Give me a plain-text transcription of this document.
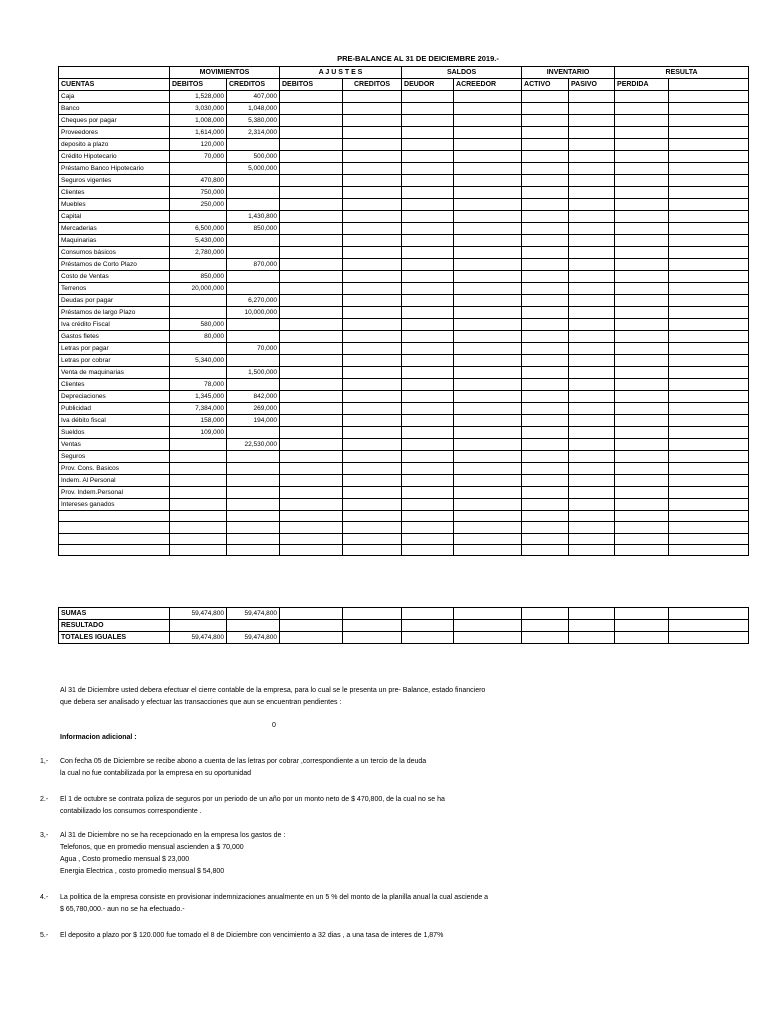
PRE-BALANCE AL 31 DE DEICIEMBRE 2019.-
	MOVIMIENTOS		A J U S T E S		SALDOS		INVENTARIO		RESULTA	
CUENTAS	DEBITOS	CREDITOS	DEBITOS	CREDITOS	DEUDOR	ACREEDOR	ACTIVO	PASIVO	PERDIDA	
Caja	1,528,000	407,000								
Banco	3,030,000	1,048,000								
Cheques por pagar	1,008,000	5,380,000								
Proveedores	1,614,000	2,314,000								
deposito a plazo	120,000									
Crédito Hipotecario	70,000	500,000								
Préstamo Banco Hipotecario		5,000,000								
Seguros vigentes	470,800									
Clientes	750,000									
Muebles	250,000									
Capital		1,430,800								
Mercaderias	6,500,000	850,000								
Maquinarias	5,430,000									
Consumos básicos	2,780,000									
Préstamos de Corto Plazo		870,000								
Costo de Ventas	850,000									
Terrenos	20,000,000									
Deudas por pagar		6,270,000								
Préstamos de largo Plazo		10,000,000								
Iva crédito Fiscal	580,000									
Gastos fletes	80,000									
Letras por pagar		70,000								
Letras por cobrar	5,340,000									
Venta de maquinarias		1,500,000								
Clientes	78,000									
Depreciaciones	1,345,000	842,000								
Publicidad	7,384,000	269,000								
Iva débito fiscal	158,000	194,000								
Sueldos	109,000									
Ventas		22,530,000								
Seguros										
Prov. Cons. Basicos										
Indem. Al Personal										
Prov. Indem.Personal										
Intereses ganados										

SUMAS	59,474,800	59,474,800								
RESULTADO										
TOTALES IGUALES	59,474,800	59,474,800								
Al 31 de Diciembre usted debera efectuar el cierre contable de la empresa, para lo cual se le presenta un pre- Balance, estado financiero
que debera ser analisado y efectuar las transacciones que aun se encuentran pendientes :
0
Informacion adicional :
1,- Con fecha 05 de Diciembre se recibe abono a cuenta de las letras por cobrar ,correspondiente a un tercio de la deuda
la cual no fue contabilizada por la empresa en su oportunidad
2.- El 1 de octubre se contrata poliza de seguros por un periodo de un año por un monto neto de $ 470,800, de la cual no se ha
contabilizado los consumos correspondiente .
3,- Al 31 de Diciembre no se ha recepcionado en la empresa los gastos de :
Telefonos, que en promedio mensual ascienden a $ 70,000
Agua , Costo promedio mensual $ 23,000
Energia Electrica , costo promedio mensual $ 54,800
4.- La politica de la empresa consiste en provisionar indemnizaciones anualmente en un 5 % del monto de la planilla anual la cual asciende a
$ 65,780,000.- aun no se ha efectuado.-
5.- El deposito a plazo por $ 120.000 fue tomado el 8 de Diciembre con vencimiento a 32 dias , a una tasa de interes de 1,87%
